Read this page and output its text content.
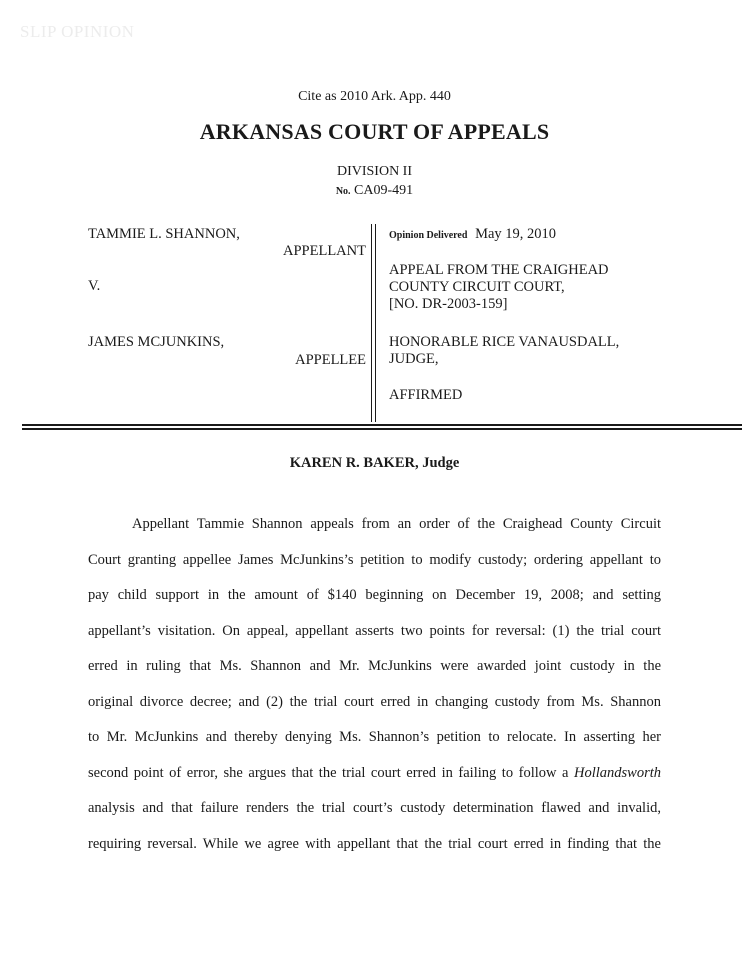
SLIP OPINION
Cite as 2010 Ark. App. 440
ARKANSAS COURT OF APPEALS
DIVISION II
No. CA09-491
TAMMIE L. SHANNON,
APPELLANT
V.
JAMES MCJUNKINS,
APPELLEE
Opinion Delivered May 19, 2010
APPEAL FROM THE CRAIGHEAD
COUNTY CIRCUIT COURT,
[NO. DR-2003-159]
HONORABLE RICE VANAUSDALL,
JUDGE,
AFFIRMED
KAREN R. BAKER, Judge
Appellant Tammie Shannon appeals from an order of the Craighead County Circuit
Court granting appellee James McJunkins’s petition to modify custody; ordering appellant to
pay child support in the amount of $140 beginning on December 19, 2008; and setting
appellant’s visitation. On appeal, appellant asserts two points for reversal: (1) the trial court
erred in ruling that Ms. Shannon and Mr. McJunkins were awarded joint custody in the
original divorce decree; and (2) the trial court erred in changing custody from Ms. Shannon
to Mr. McJunkins and thereby denying Ms. Shannon’s petition to relocate. In asserting her
second point of error, she argues that the trial court erred in failing to follow a Hollandsworth
analysis and that failure renders the trial court’s custody determination flawed and invalid,
requiring reversal. While we agree with appellant that the trial court erred in finding that the
